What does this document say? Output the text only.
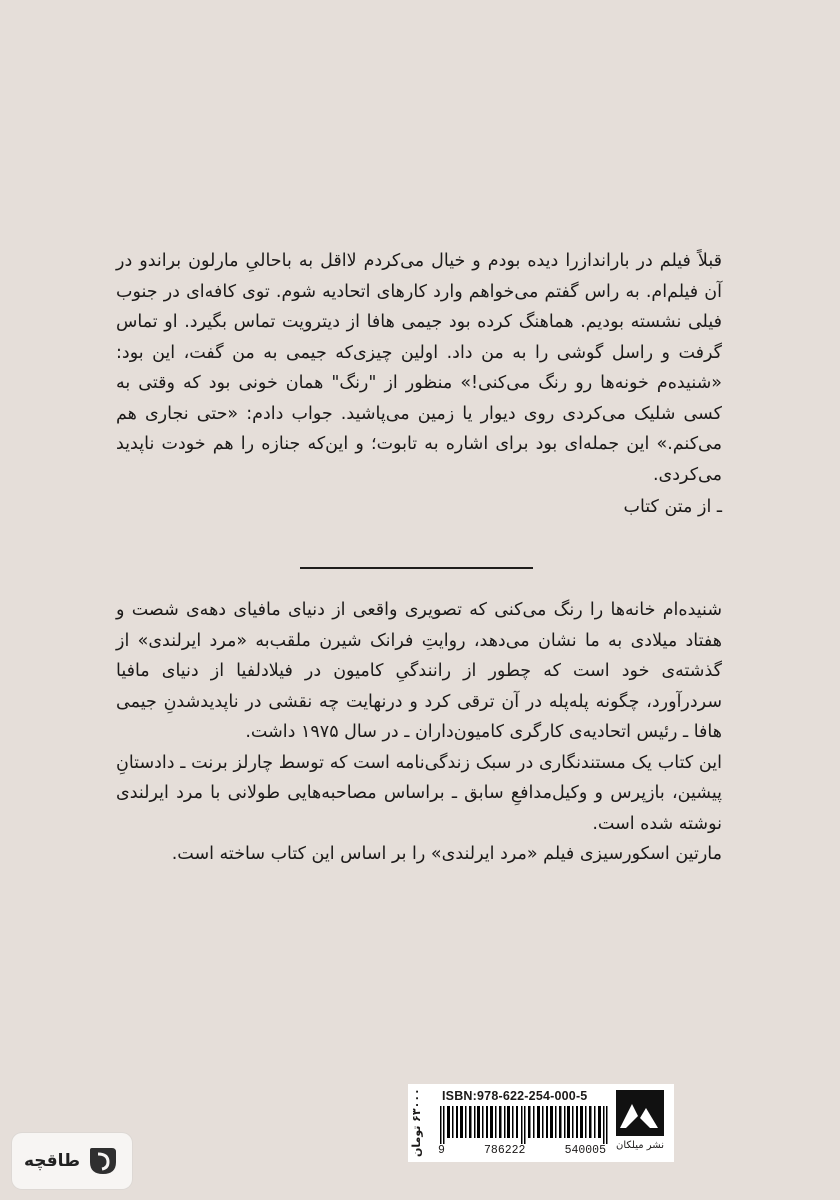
قبلاً فیلم در باراندازرا دیده بودم و خیال می‌کردم لااقل به باحالیِ مارلون براندو در آن فیلم‌ام. به راس گفتم می‌خواهم وارد کارهای اتحادیه شوم. توی کافه‌ای در جنوب فیلی نشسته بودیم. هماهنگ کرده بود جیمی هافا از دیترویت تماس بگیرد. او تماس گرفت و راسل گوشی را به من داد. اولین چیزی‌که جیمی به من گفت، این بود: «شنیده‌م خونه‌ها رو رنگ می‌کنی!» منظور از "رنگ" همان خونی بود که وقتی به کسی شلیک می‌کردی روی دیوار یا زمین می‌پاشید. جواب دادم: «حتی نجاری هم می‌کنم.» این جمله‌ای بود برای اشاره به تابوت؛ و این‌که جنازه را هم خودت ناپدید می‌کردی.

ـ از متن کتاب

شنیده‌ام خانه‌ها را رنگ می‌کنی که تصویری واقعی از دنیای مافیای دهه‌ی شصت و هفتاد میلادی به ما نشان می‌دهد، روایتِ فرانک شیرن ملقب‌به «مرد ایرلندی» از گذشته‌ی خود است که چطور از رانندگیِ کامیون در فیلادلفیا از دنیای مافیا سردرآورد، چگونه پله‌پله در آن ترقی کرد و درنهایت چه نقشی در ناپدیدشدنِ جیمی هافا ـ رئیس اتحادیه‌ی کارگری کامیون‌داران ـ در سال ۱۹۷۵ داشت.

این کتاب یک مستندنگاری در سبک زندگی‌نامه است که توسط چارلز برنت ـ دادستانِ پیشین، بازپرس و وکیل‌مدافعِ سابق ـ براساس مصاحبه‌هایی طولانی با مرد ایرلندی نوشته شده است.

مارتین اسکورسیزی فیلم «مرد ایرلندی» را بر اساس این کتاب ساخته است.

۶۳۰۰۰ تومان	ISBN:978-622-254-000-5
9	786222	540005	نشر میلکان
طاقچه
